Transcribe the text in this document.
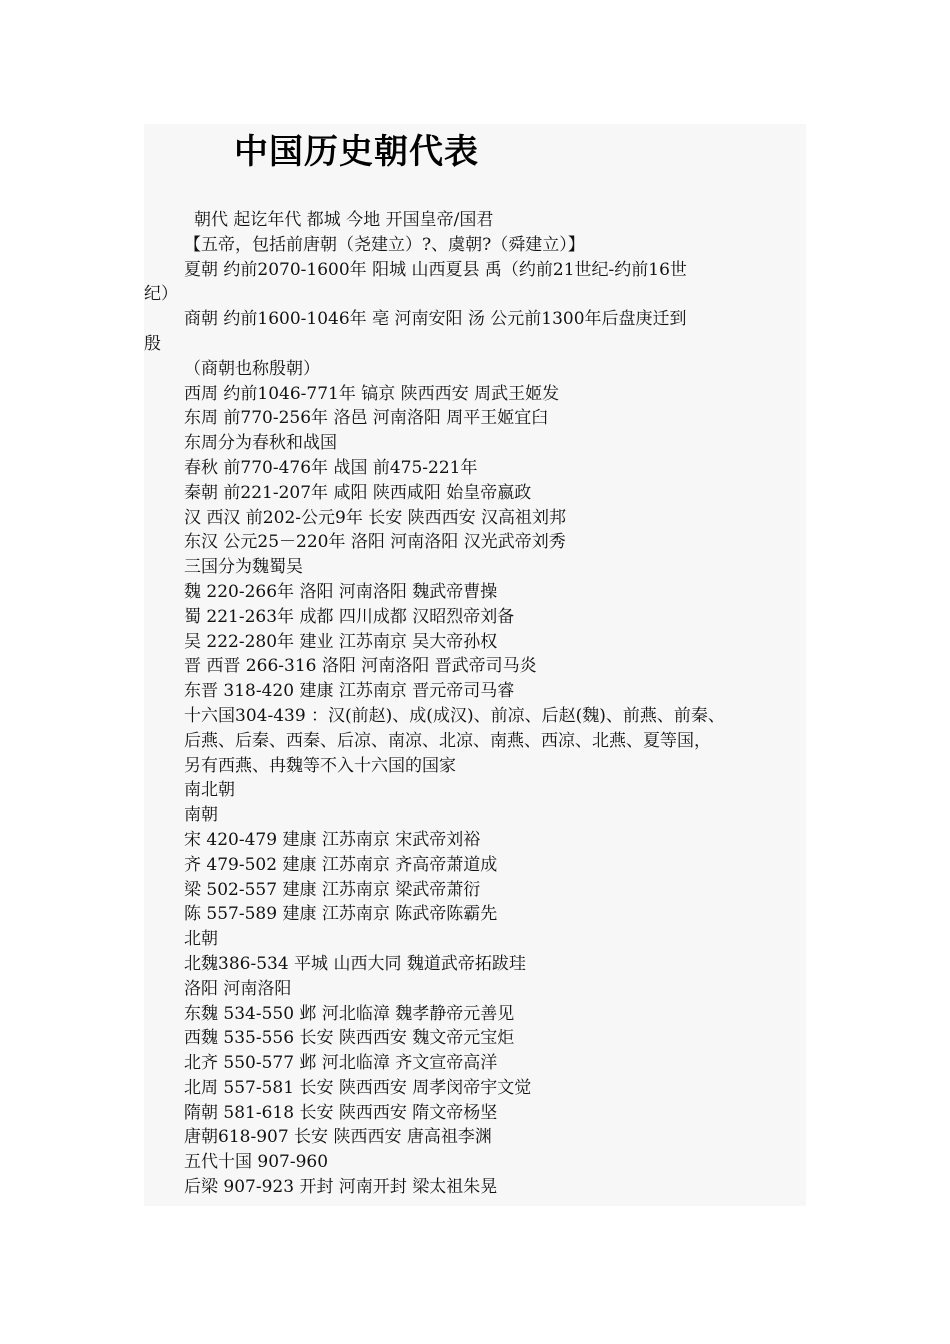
中国历史朝代表
朝代 起讫年代 都城 今地 开国皇帝/国君
【五帝，包括前唐朝（尧建立）?、虞朝?（舜建立）】
夏朝 约前2070-1600年 阳城 山西夏县 禹（约前21世纪-约前16世
纪）
商朝 约前1600-1046年 亳 河南安阳 汤 公元前1300年后盘庚迁到
殷
（商朝也称殷朝）
西周 约前1046-771年 镐京 陕西西安 周武王姬发
东周 前770-256年 洛邑 河南洛阳 周平王姬宜臼
东周分为春秋和战国
春秋 前770-476年 战国 前475-221年
秦朝 前221-207年 咸阳 陕西咸阳 始皇帝嬴政
汉 西汉 前202-公元9年 长安 陕西西安 汉高祖刘邦
东汉 公元25－220年 洛阳 河南洛阳 汉光武帝刘秀
三国分为魏蜀吴
魏 220-266年 洛阳 河南洛阳 魏武帝曹操
蜀 221-263年 成都 四川成都 汉昭烈帝刘备
吴 222-280年 建业 江苏南京 吴大帝孙权
晋 西晋 266-316 洛阳 河南洛阳 晋武帝司马炎
东晋 318-420 建康 江苏南京 晋元帝司马睿
十六国304-439 ：汉(前赵)、成(成汉)、前凉、后赵(魏)、前燕、前秦、
后燕、后秦、西秦、后凉、南凉、北凉、南燕、西凉、北燕、夏等国，
另有西燕、冉魏等不入十六国的国家
南北朝
南朝
宋 420-479 建康 江苏南京 宋武帝刘裕
齐 479-502 建康 江苏南京 齐高帝萧道成
梁 502-557 建康 江苏南京 梁武帝萧衍
陈 557-589 建康 江苏南京 陈武帝陈霸先
北朝
北魏386-534 平城 山西大同 魏道武帝拓跋珪
洛阳 河南洛阳
东魏 534-550 邺 河北临漳 魏孝静帝元善见
西魏 535-556 长安 陕西西安 魏文帝元宝炬
北齐 550-577 邺 河北临漳 齐文宣帝高洋
北周 557-581 长安 陕西西安 周孝闵帝宇文觉
隋朝 581-618 长安 陕西西安 隋文帝杨坚
唐朝618-907 长安 陕西西安 唐高祖李渊
五代十国 907-960
后梁 907-923 开封 河南开封 梁太祖朱晃
